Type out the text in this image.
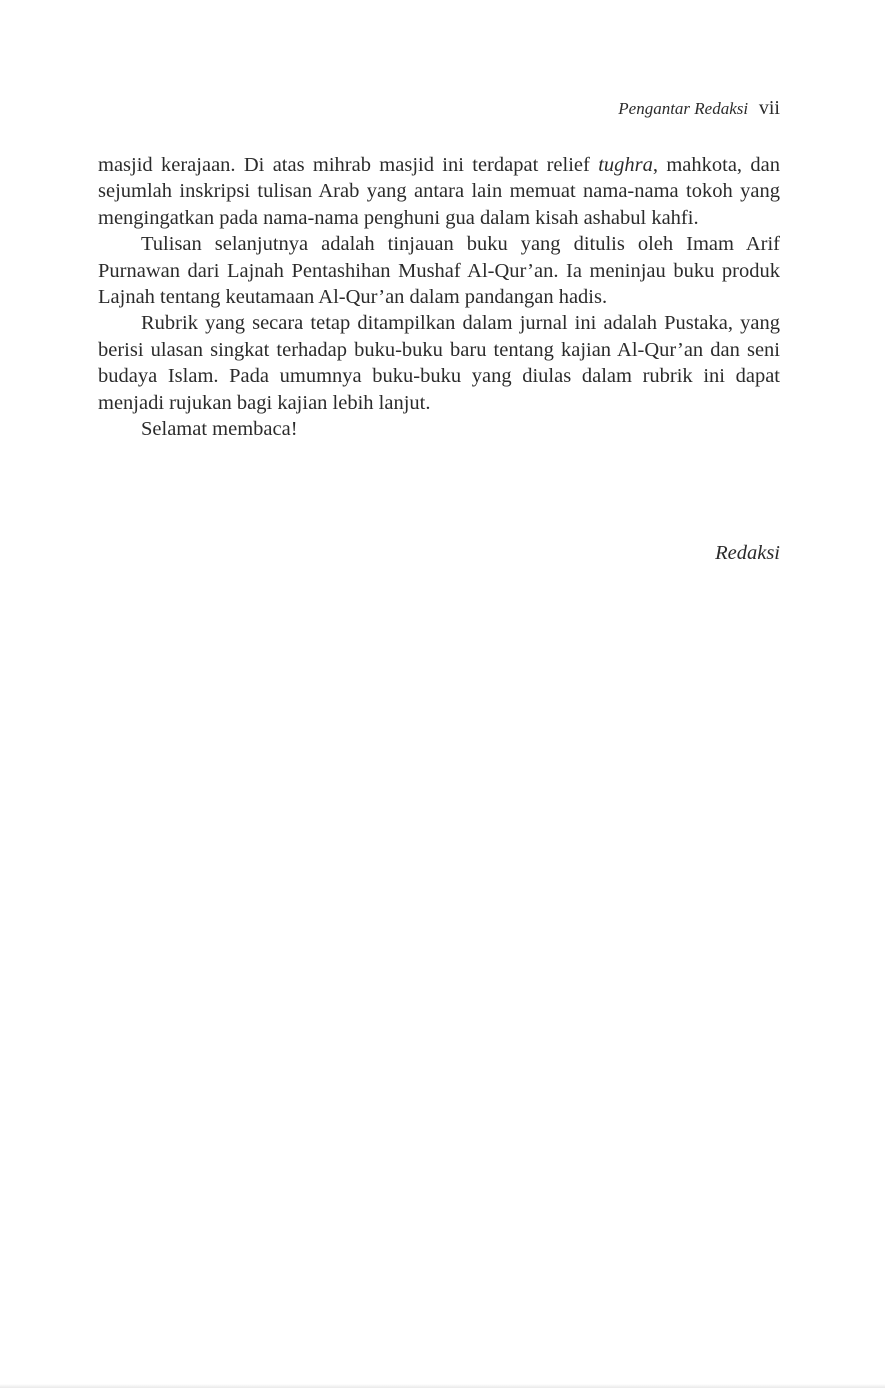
Pengantar Redaksi vii

masjid kerajaan. Di atas mihrab masjid ini terdapat relief tughra, mahkota, dan sejumlah inskripsi tulisan Arab yang antara lain memuat nama-nama tokoh yang mengingatkan pada nama-nama penghuni gua dalam kisah ashabul kahfi.

Tulisan selanjutnya adalah tinjauan buku yang ditulis oleh Imam Arif Purnawan dari Lajnah Pentashihan Mushaf Al-Qur’an. Ia meninjau buku produk Lajnah tentang keutamaan Al-Qur’an dalam pandangan hadis.

Rubrik yang secara tetap ditampilkan dalam jurnal ini adalah Pustaka, yang berisi ulasan singkat terhadap buku-buku baru tentang kajian Al-Qur’an dan seni budaya Islam. Pada umumnya buku-buku yang diulas dalam rubrik ini dapat menjadi rujukan bagi kajian lebih lanjut.

Selamat membaca!

Redaksi
